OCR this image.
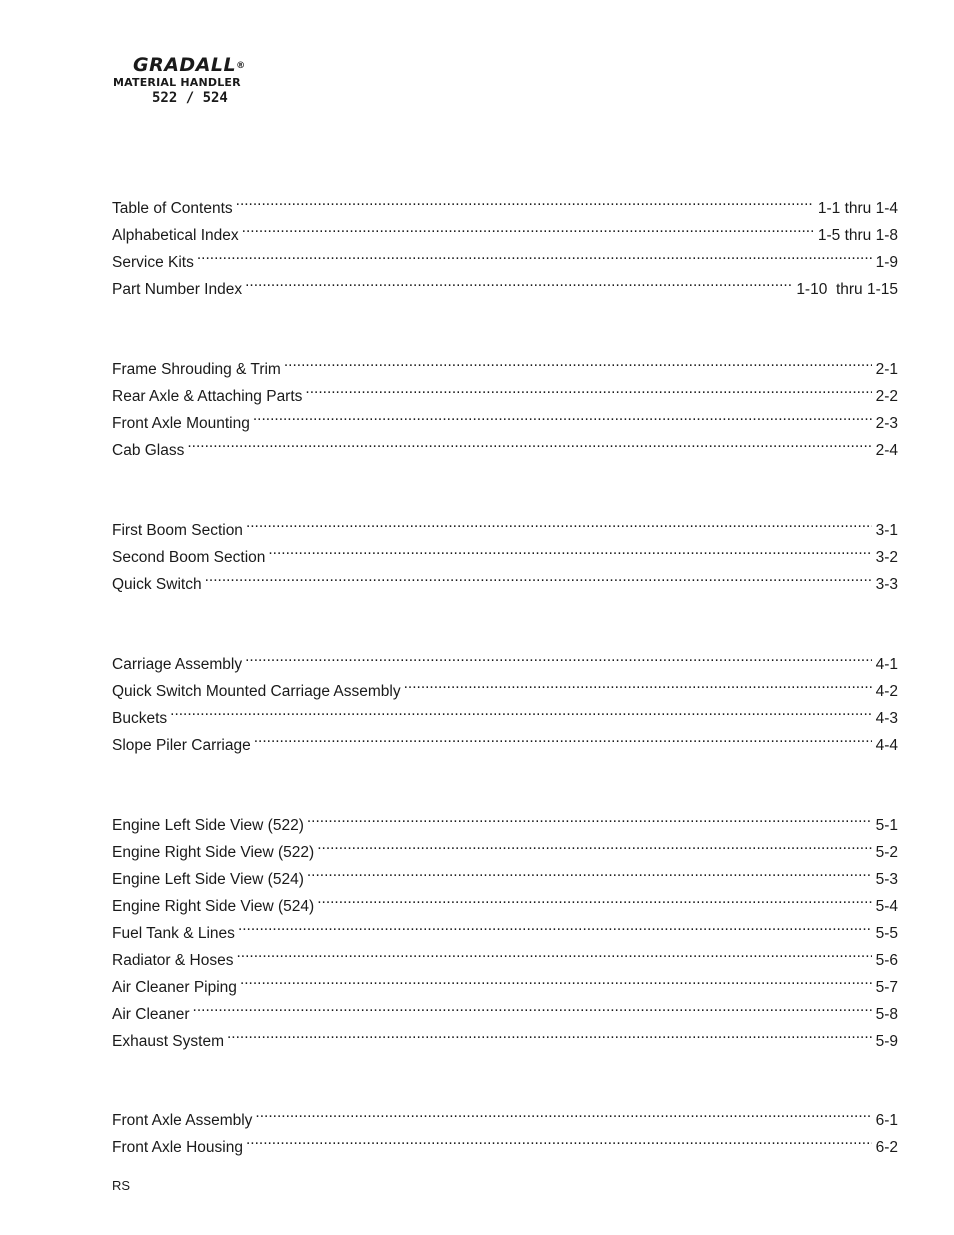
GRADALL®
MATERIAL HANDLER
522 / 524
Table of Contents .....	1-1 thru 1-4
Alphabetical Index .....	1-5 thru 1-8
Service Kits .....	1-9
Part Number Index .....	1-10  thru 1-15
Frame Shrouding & Trim .....	2-1
Rear Axle & Attaching Parts .....	2-2
Front Axle Mounting .....	2-3
Cab Glass .....	2-4
First Boom Section .....	3-1
Second Boom Section .....	3-2
Quick Switch .....	3-3
Carriage Assembly .....	4-1
Quick Switch Mounted Carriage Assembly .....	4-2
Buckets .....	4-3
Slope Piler Carriage .....	4-4
Engine Left Side View (522) .....	5-1
Engine Right Side View (522) .....	5-2
Engine Left Side View (524) .....	5-3
Engine Right Side View (524) .....	5-4
Fuel Tank & Lines .....	5-5
Radiator & Hoses .....	5-6
Air Cleaner Piping .....	5-7
Air Cleaner .....	5-8
Exhaust System .....	5-9
Front Axle Assembly .....	6-1
Front Axle Housing .....	6-2
RS
